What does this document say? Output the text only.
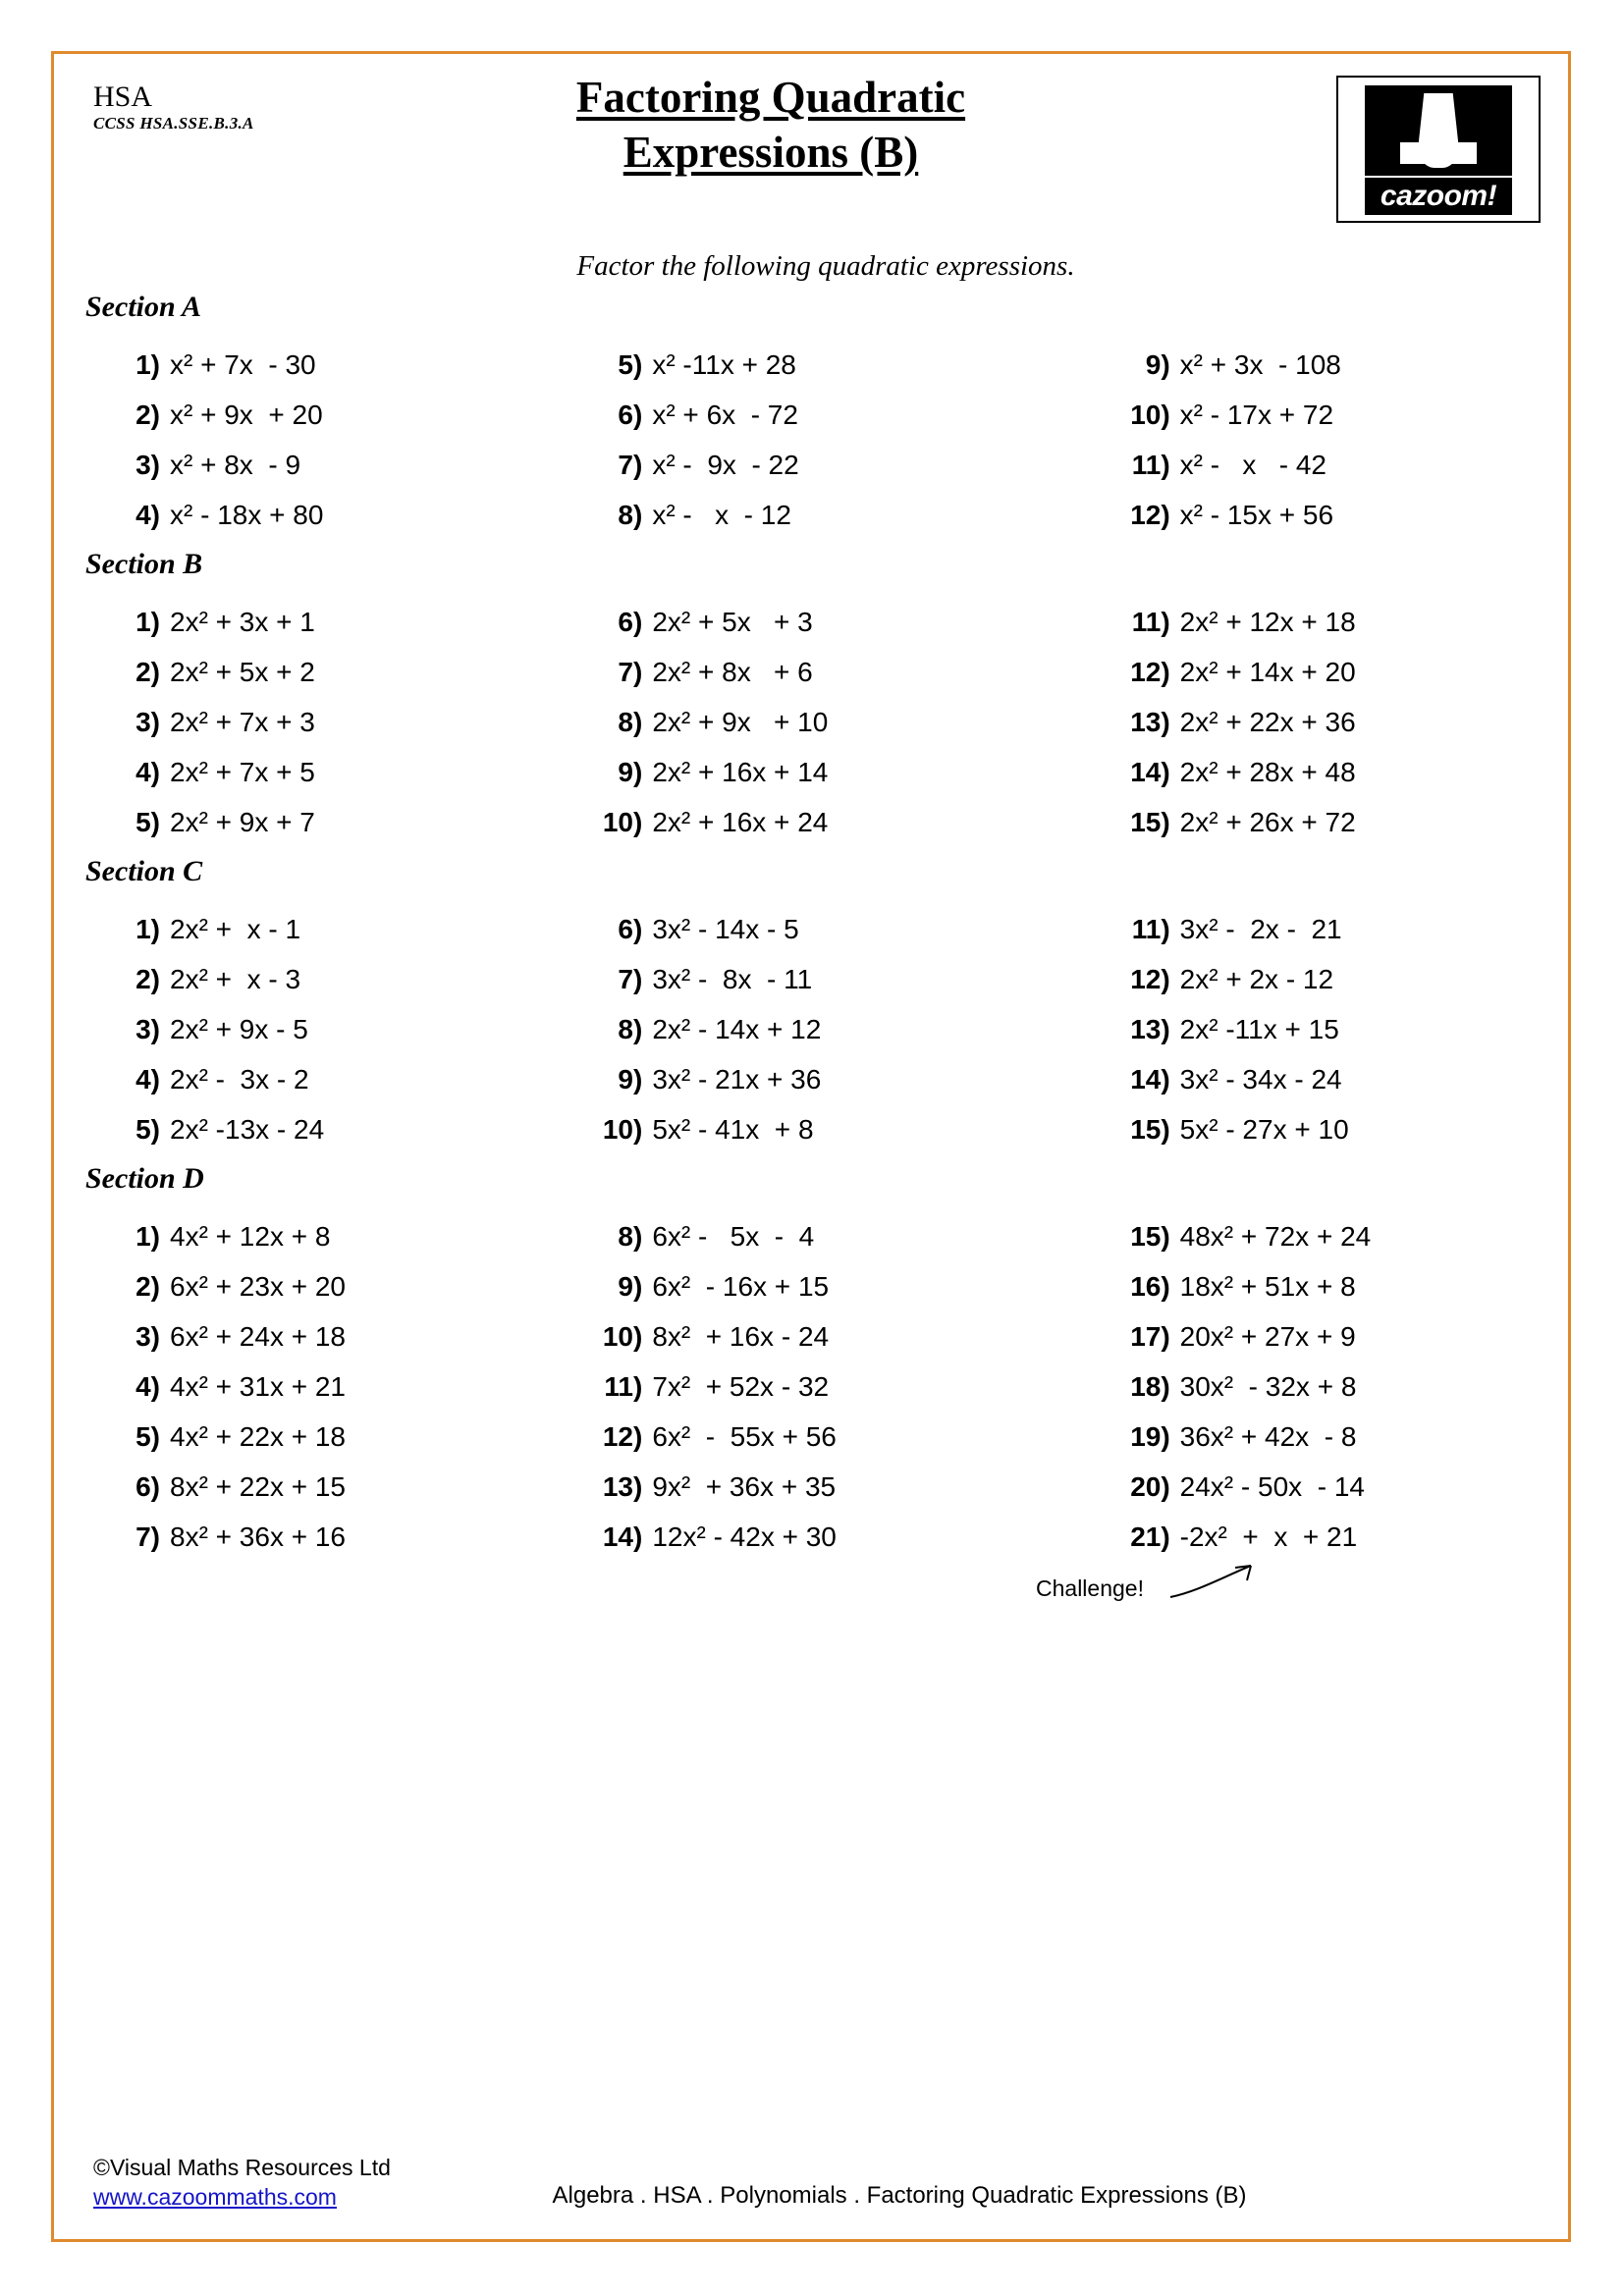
HSA
CCSS HSA.SSE.B.3.A
Factoring Quadratic
Expressions (B)
cazoom!
Factor the following quadratic expressions.
Section A
1) x² + 7x  - 30
2) x² + 9x  + 20
3) x² + 8x  - 9
4) x² - 18x + 80
5) x² -11x + 28
6) x² + 6x  - 72
7) x² -  9x  - 22
8) x² -   x  - 12
9) x² + 3x  - 108
10) x² - 17x + 72
11) x² -   x   - 42
12) x² - 15x + 56
Section B
1) 2x² + 3x + 1
2) 2x² + 5x + 2
3) 2x² + 7x + 3
4) 2x² + 7x + 5
5) 2x² + 9x + 7
6) 2x² + 5x   + 3
7) 2x² + 8x   + 6
8) 2x² + 9x   + 10
9) 2x² + 16x + 14
10) 2x² + 16x + 24
11) 2x² + 12x + 18
12) 2x² + 14x + 20
13) 2x² + 22x + 36
14) 2x² + 28x + 48
15) 2x² + 26x + 72
Section C
1) 2x² +  x - 1
2) 2x² +  x - 3
3) 2x² + 9x - 5
4) 2x² -  3x - 2
5) 2x² -13x - 24
6) 3x² - 14x - 5
7) 3x² -  8x  - 11
8) 2x² - 14x + 12
9) 3x² - 21x + 36
10) 5x² - 41x  + 8
11) 3x² -  2x -  21
12) 2x² + 2x - 12
13) 2x² -11x + 15
14) 3x² - 34x - 24
15) 5x² - 27x + 10
Section D
1) 4x² + 12x + 8
2) 6x² + 23x + 20
3) 6x² + 24x + 18
4) 4x² + 31x + 21
5) 4x² + 22x + 18
6) 8x² + 22x + 15
7) 8x² + 36x + 16
8) 6x² -   5x  -  4
9) 6x²  - 16x + 15
10) 8x²  + 16x - 24
11) 7x²  + 52x - 32
12) 6x²  -  55x + 56
13) 9x²  + 36x + 35
14) 12x² - 42x + 30
15) 48x² + 72x + 24
16) 18x² + 51x + 8
17) 20x² + 27x + 9
18) 30x²  - 32x + 8
19) 36x² + 42x  - 8
20) 24x² - 50x  - 14
21) -2x²  +  x  + 21
Challenge!
©Visual Maths Resources Ltd
www.cazoommaths.com	Algebra . HSA . Polynomials . Factoring Quadratic Expressions (B)
